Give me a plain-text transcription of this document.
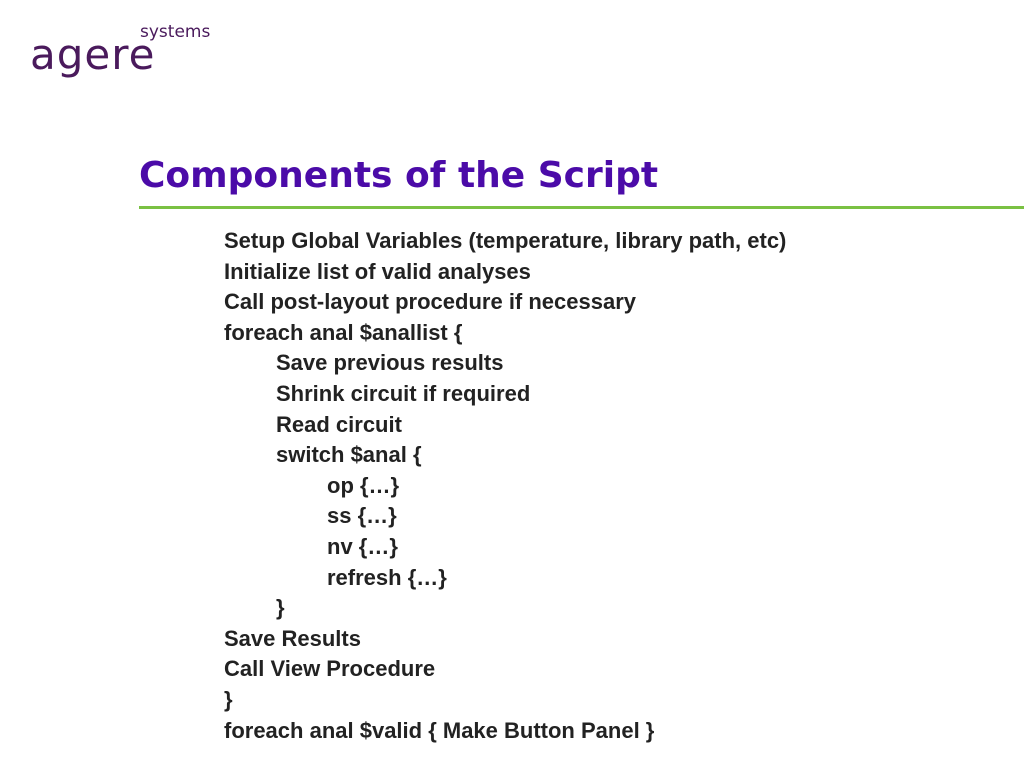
agere
systems
Components of the Script
Setup Global Variables (temperature, library path, etc)
Initialize list of valid analyses
Call post-layout procedure if necessary
foreach anal $anallist {
Save previous results
Shrink circuit if required
Read circuit
switch $anal {
op {…}
ss {…}
nv {…}
refresh {…}
}
Save Results
Call View Procedure
}
foreach anal $valid { Make Button Panel }
